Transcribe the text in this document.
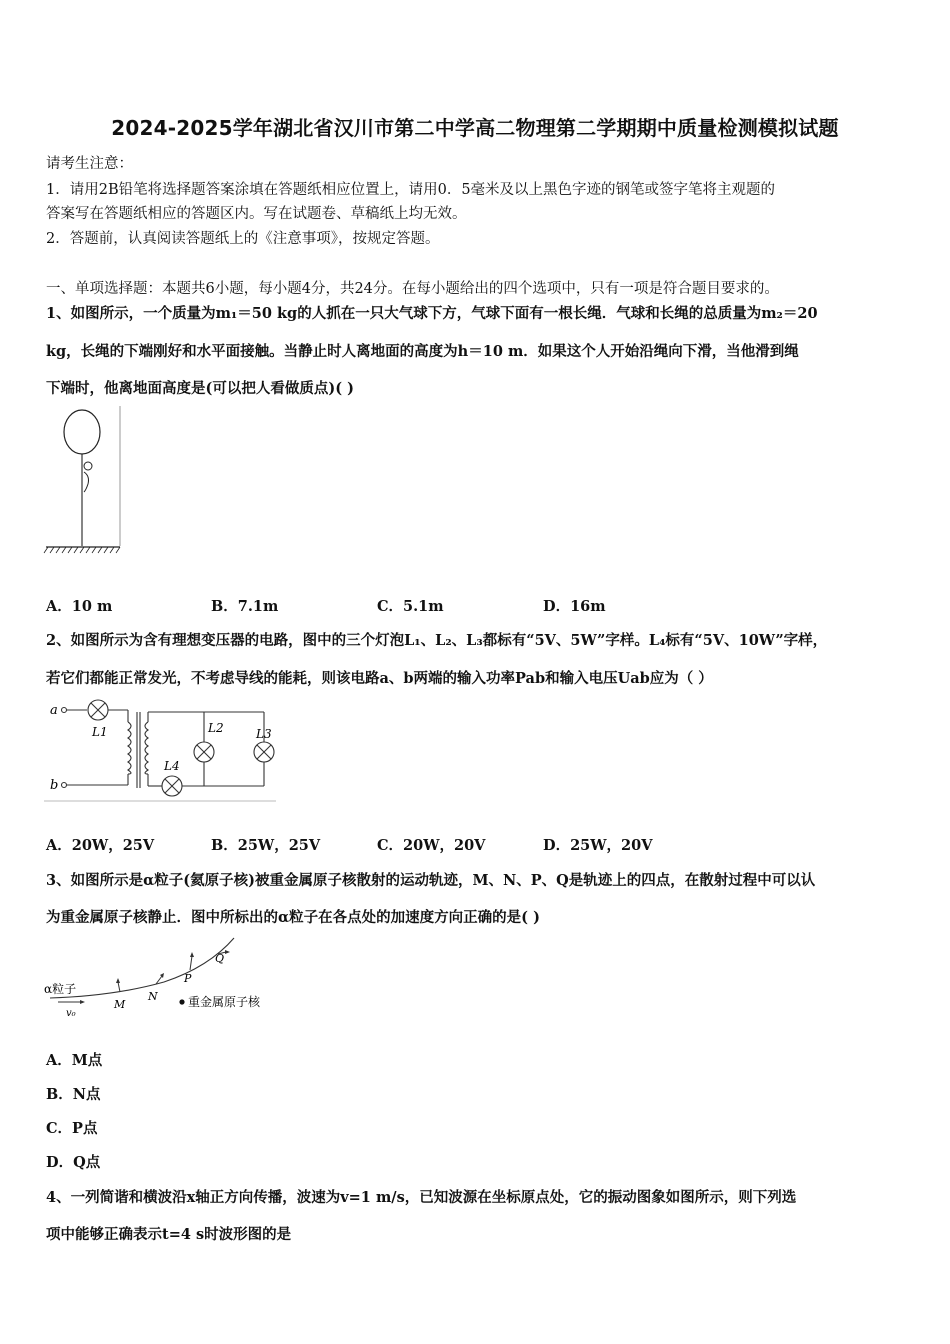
2024-2025学年湖北省汉川市第二中学高二物理第二学期期中质量检测模拟试题
请考生注意：
1．请用2B铅笔将选择题答案涂填在答题纸相应位置上，请用0．5毫米及以上黑色字迹的钢笔或签字笔将主观题的
答案写在答题纸相应的答题区内。写在试题卷、草稿纸上均无效。
2．答题前，认真阅读答题纸上的《注意事项》，按规定答题。
一、单项选择题：本题共6小题，每小题4分，共24分。在每小题给出的四个选项中，只有一项是符合题目要求的。
1、如图所示，一个质量为m₁＝50 kg的人抓在一只大气球下方，气球下面有一根长绳．气球和长绳的总质量为m₂＝20
kg，长绳的下端刚好和水平面接触。当静止时人离地面的高度为h＝10 m．如果这个人开始沿绳向下滑，当他滑到绳
下端时，他离地面高度是(可以把人看做质点)( )
A．10 m	B．7.1m	C．5.1m	D．16m
2、如图所示为含有理想变压器的电路，图中的三个灯泡L₁、L₂、L₃都标有“5V、5W”字样。L₄标有“5V、10W”字样，
若它们都能正常发光，不考虑导线的能耗，则该电路a、b两端的输入功率Pab和输入电压Uab应为（ ）
a
b
L1
L4
L2	L3
A．20W，25V	B．25W，25V	C．20W，20V	D．25W，20V
3、如图所示是α粒子(氦原子核)被重金属原子核散射的运动轨迹，M、N、P、Q是轨迹上的四点，在散射过程中可以认
为重金属原子核静止．图中所标出的α粒子在各点处的加速度方向正确的是( )
α粒子
v₀
M
N
P
Q
重金属原子核
A．M点
B．N点
C．P点
D．Q点
4、一列简谐和横波沿x轴正方向传播，波速为v=1 m/s，已知波源在坐标原点处，它的振动图象如图所示，则下列选
项中能够正确表示t=4 s时波形图的是
